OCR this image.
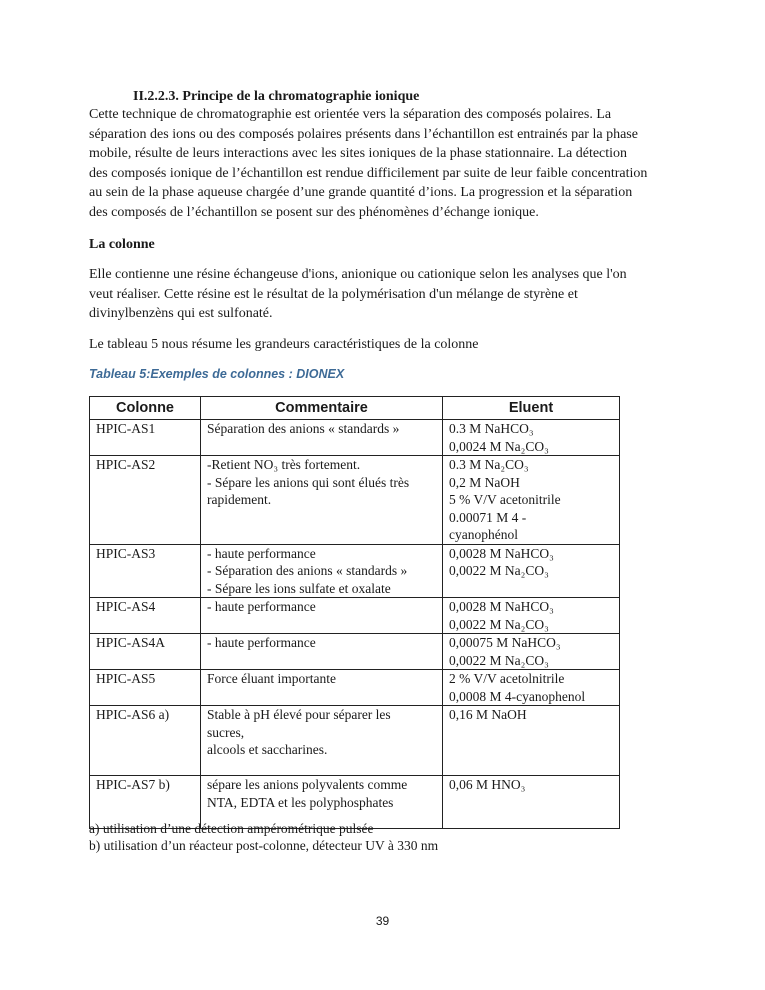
II.2.2.3. Principe de la chromatographie ionique
Cette technique de chromatographie est orientée vers la séparation des composés polaires. La
séparation des ions ou des composés polaires présents dans l’échantillon est entrainés par la phase
mobile, résulte de leurs interactions avec les sites ioniques de la phase stationnaire. La détection
des composés ionique de l’échantillon est rendue difficilement par suite de leur faible concentration
au sein de la phase aqueuse chargée d’une grande quantité d’ions. La progression et la séparation
des composés de l’échantillon se posent sur des phénomènes d’échange ionique.
La colonne
Elle contienne une résine échangeuse d'ions, anionique ou cationique selon les analyses que l'on
veut réaliser. Cette résine est le résultat de la polymérisation d'un mélange de styrène et
divinylbenzèns qui est sulfonaté.
Le tableau 5 nous résume les grandeurs caractéristiques de la colonne
Tableau 5:Exemples de colonnes : DIONEX
Colonne	Commentaire	Eluent

HPIC-AS1	Séparation des anions « standards »	0.3 M NaHCO₃
0,0024 M Na₂CO₃

HPIC-AS2	-Retient NO₃ très fortement.
- Sépare les anions qui sont élués très
rapidement.	0.3 M Na₂CO₃
0,2 M NaOH
5 % V/V acetonitrile
0.00071 M 4 -
cyanophénol

HPIC-AS3	- haute performance
- Séparation des anions « standards »
- Sépare les ions sulfate et oxalate	0,0028 M NaHCO₃
0,0022 M Na₂CO₃

HPIC-AS4	- haute performance	0,0028 M NaHCO₃
0,0022 M Na₂CO₃

HPIC-AS4A	- haute performance	0,00075 M NaHCO₃
0,0022 M Na₂CO₃

HPIC-AS5	Force éluant importante	2 % V/V acetolnitrile
0,0008 M 4-cyanophenol

HPIC-AS6 a)	Stable à pH élevé pour séparer les
sucres,
alcools et saccharines.	0,16 M NaOH

HPIC-AS7 b)	sépare les anions polyvalents comme
NTA, EDTA et les polyphosphates	0,06 M HNO₃
a) utilisation d’une détection ampérométrique pulsée
b) utilisation d’un réacteur post-colonne, détecteur UV à 330 nm
39
